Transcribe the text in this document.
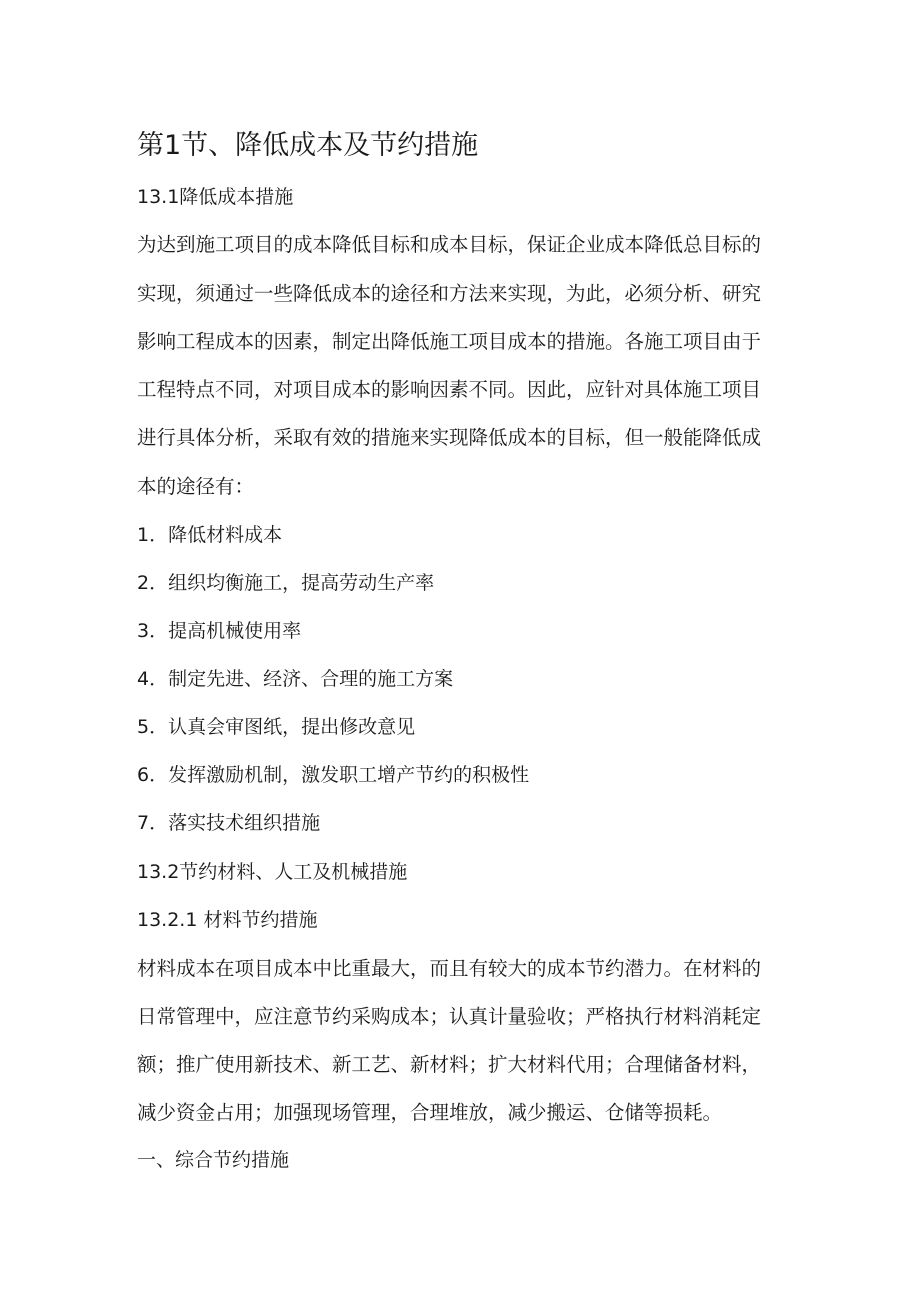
第1节、降低成本及节约措施
13.1降低成本措施
为达到施工项目的成本降低目标和成本目标，保证企业成本降低总目标的
实现，须通过一些降低成本的途径和方法来实现，为此，必须分析、研究
影响工程成本的因素，制定出降低施工项目成本的措施。各施工项目由于
工程特点不同，对项目成本的影响因素不同。因此，应针对具体施工项目
进行具体分析，采取有效的措施来实现降低成本的目标，但一般能降低成
本的途径有：
1．降低材料成本
2．组织均衡施工，提高劳动生产率
3．提高机械使用率
4．制定先进、经济、合理的施工方案
5．认真会审图纸，提出修改意见
6．发挥激励机制，激发职工增产节约的积极性
7．落实技术组织措施
13.2节约材料、人工及机械措施
13.2.1 材料节约措施
材料成本在项目成本中比重最大，而且有较大的成本节约潜力。在材料的
日常管理中，应注意节约采购成本；认真计量验收；严格执行材料消耗定
额；推广使用新技术、新工艺、新材料；扩大材料代用；合理储备材料，
减少资金占用；加强现场管理，合理堆放，减少搬运、仓储等损耗。
一、综合节约措施
